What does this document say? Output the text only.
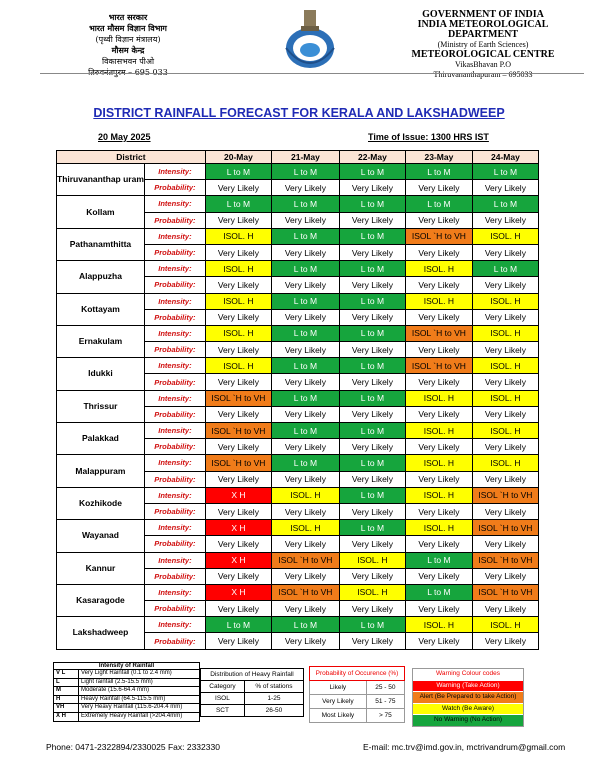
भारत सरकार
भारत मौसम विज्ञान विभाग
(पृथ्वी विज्ञान मंत्रालय)
मौसम केन्द्र
विकासभवन पीओ
तिरुवनंतपुरम – 695 033
GOVERNMENT OF INDIA
INDIA METEOROLOGICAL
DEPARTMENT
(Ministry of Earth Sciences)
METEOROLOGICAL CENTRE
VikasBhavan P.O
Thiruvananthapuram – 695033
DISTRICT RAINFALL FORECAST FOR KERALA AND LAKSHADWEEP
20 May 2025	Time of Issue: 1300 HRS IST
District		20-May	21-May	22-May	23-May	24-May
Thiruvananthap uram	Intensity:	L to M	L to M	L to M	L to M	L to M
	Probability:	Very Likely	Very Likely	Very Likely	Very Likely	Very Likely
Kollam	Intensity:	L to M	L to M	L to M	L to M	L to M
	Probability:	Very Likely	Very Likely	Very Likely	Very Likely	Very Likely
Pathanamthitta	Intensity:	ISOL. H	L to M	L to M	ISOL `H to VH	ISOL. H
	Probability:	Very Likely	Very Likely	Very Likely	Very Likely	Very Likely
Alappuzha	Intensity:	ISOL. H	L to M	L to M	ISOL. H	L to M
	Probability:	Very Likely	Very Likely	Very Likely	Very Likely	Very Likely
Kottayam	Intensity:	ISOL. H	L to M	L to M	ISOL. H	ISOL. H
	Probability:	Very Likely	Very Likely	Very Likely	Very Likely	Very Likely
Ernakulam	Intensity:	ISOL. H	L to M	L to M	ISOL `H to VH	ISOL. H
	Probability:	Very Likely	Very Likely	Very Likely	Very Likely	Very Likely
Idukki	Intensity:	ISOL. H	L to M	L to M	ISOL `H to VH	ISOL. H
	Probability:	Very Likely	Very Likely	Very Likely	Very Likely	Very Likely
Thrissur	Intensity:	ISOL `H to VH	L to M	L to M	ISOL. H	ISOL. H
	Probability:	Very Likely	Very Likely	Very Likely	Very Likely	Very Likely
Palakkad	Intensity:	ISOL `H to VH	L to M	L to M	ISOL. H	ISOL. H
	Probability:	Very Likely	Very Likely	Very Likely	Very Likely	Very Likely
Malappuram	Intensity:	ISOL `H to VH	L to M	L to M	ISOL. H	ISOL. H
	Probability:	Very Likely	Very Likely	Very Likely	Very Likely	Very Likely
Kozhikode	Intensity:	X H	ISOL. H	L to M	ISOL. H	ISOL `H to VH
	Probability:	Very Likely	Very Likely	Very Likely	Very Likely	Very Likely
Wayanad	Intensity:	X H	ISOL. H	L to M	ISOL. H	ISOL `H to VH
	Probability:	Very Likely	Very Likely	Very Likely	Very Likely	Very Likely
Kannur	Intensity:	X H	ISOL `H to VH	ISOL. H	L to M	ISOL `H to VH
	Probability:	Very Likely	Very Likely	Very Likely	Very Likely	Very Likely
Kasaragode	Intensity:	X H	ISOL `H to VH	ISOL. H	L to M	ISOL `H to VH
	Probability:	Very Likely	Very Likely	Very Likely	Very Likely	Very Likely
Lakshadweep	Intensity:	L to M	L to M	L to M	ISOL. H	ISOL. H
	Probability:	Very Likely	Very Likely	Very Likely	Very Likely	Very Likely
Intensity of Rainfall
V L	Very Light Rainfall (0.1 to 2.4 mm)
L	Light rainfall (2.5-15.5 mm)
M	Moderate (15.6-64.4 mm)
H	Heavy Rainfall (64.5-115.5 mm)
VH	Very Heavy Rainfall (115.6-204.4 mm)
X H	Extremely Heavy Rainfall (>204.4mm)
Distribution of Heavy Rainfall	
Category	% of stations
ISOL	1-25
SCT	26-50
Probability of Occurence (%)	
Likely	25 - 50
Very Likely	51 - 75
Most Likely	> 75
Warning Colour codes
Warning (Take Action)
Alert (Be Prepared to take Action)
Watch (Be Aware)
No Warning (No Action)
Phone: 0471-2322894/2330025 Fax: 2332330	E-mail: mc.trv@imd.gov.in, mctrivandrum@gmail.com
